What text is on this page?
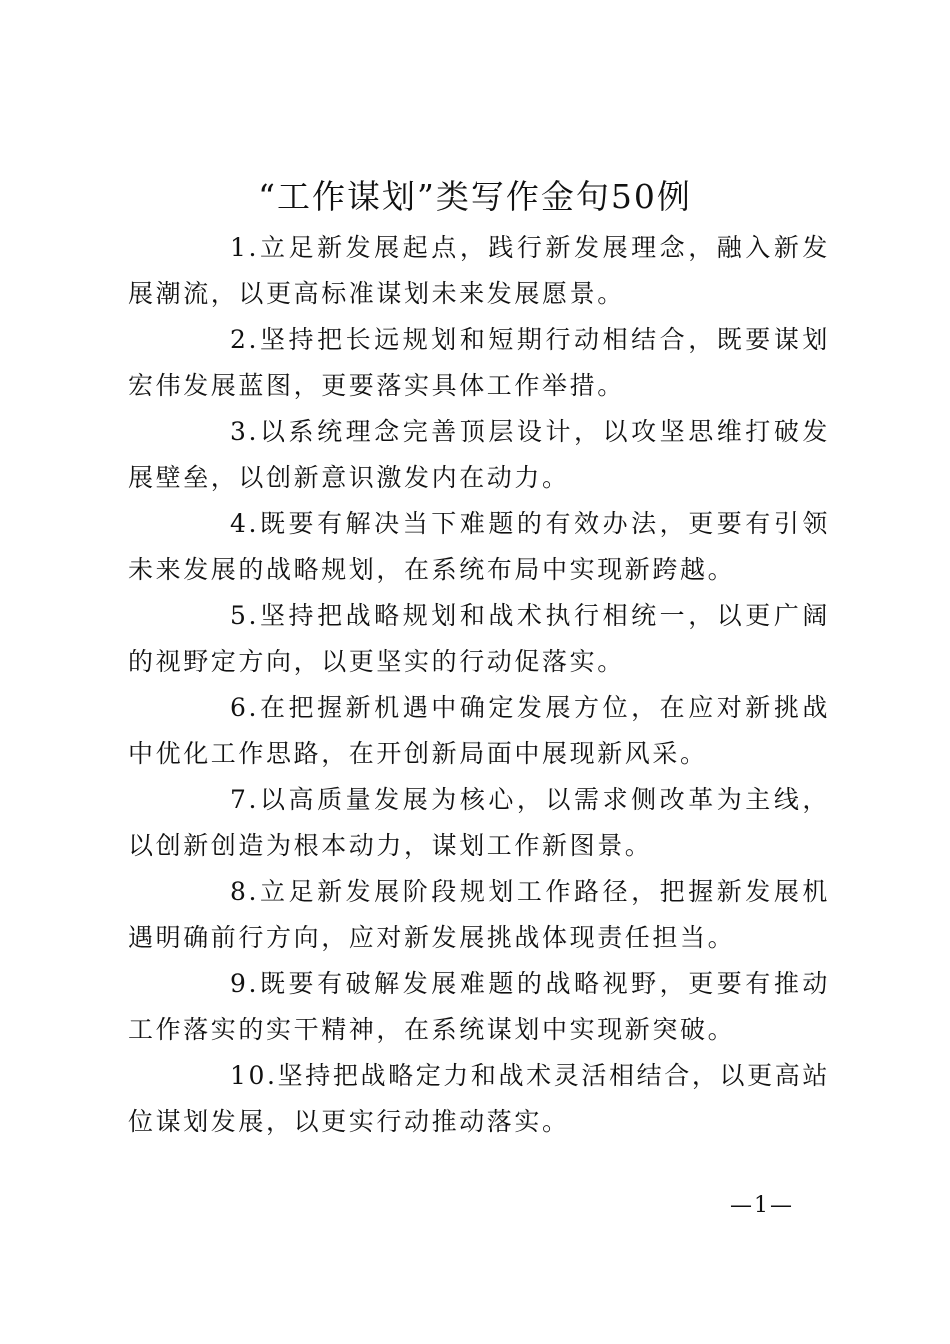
“工作谋划”类写作金句50例

1.立足新发展起点，践行新发展理念，融入新发展潮流，以更高标准谋划未来发展愿景。

2.坚持把长远规划和短期行动相结合，既要谋划宏伟发展蓝图，更要落实具体工作举措。

3.以系统理念完善顶层设计，以攻坚思维打破发展壁垒，以创新意识激发内在动力。

4.既要有解决当下难题的有效办法，更要有引领未来发展的战略规划，在系统布局中实现新跨越。

5.坚持把战略规划和战术执行相统一，以更广阔的视野定方向，以更坚实的行动促落实。

6.在把握新机遇中确定发展方位，在应对新挑战中优化工作思路，在开创新局面中展现新风采。

7.以高质量发展为核心，以需求侧改革为主线，以创新创造为根本动力，谋划工作新图景。

8.立足新发展阶段规划工作路径，把握新发展机遇明确前行方向，应对新发展挑战体现责任担当。

9.既要有破解发展难题的战略视野，更要有推动工作落实的实干精神，在系统谋划中实现新突破。

10.坚持把战略定力和战术灵活相结合，以更高站位谋划发展，以更实行动推动落实。

—1—
